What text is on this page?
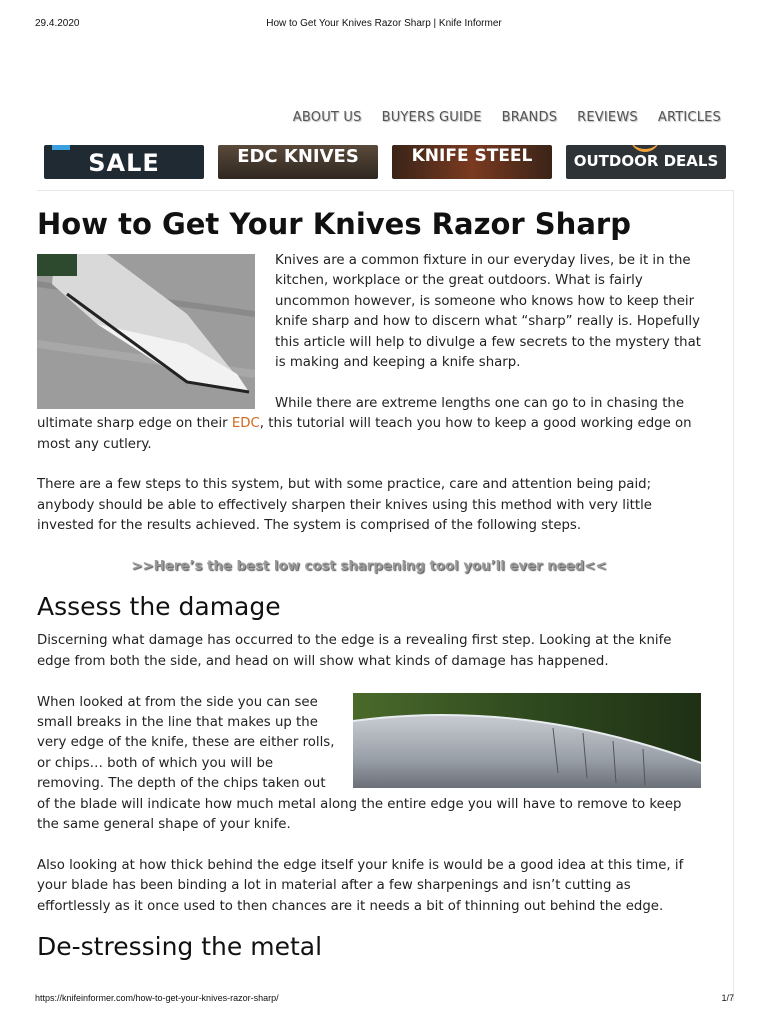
29.4.2020	How to Get Your Knives Razor Sharp | Knife Informer
ABOUT US BUYERS GUIDE BRANDS REVIEWS ARTICLES
SALE	EDC KNIVES	KNIFE STEEL	OUTDOOR DEALS
How to Get Your Knives Razor Sharp

Knives are a common fixture in our everyday lives, be it in the kitchen, workplace or the great outdoors. What is fairly uncommon however, is someone who knows how to keep their knife sharp and how to discern what “sharp” really is. Hopefully this article will help to divulge a few secrets to the mystery that is making and keeping a knife sharp.

While there are extreme lengths one can go to in chasing the ultimate sharp edge on their EDC, this tutorial will teach you how to keep a good working edge on most any cutlery.

There are a few steps to this system, but with some practice, care and attention being paid; anybody should be able to effectively sharpen their knives using this method with very little invested for the results achieved. The system is comprised of the following steps.

>>Here’s the best low cost sharpening tool you’ll ever need<<

Assess the damage

Discerning what damage has occurred to the edge is a revealing first step. Looking at the knife edge from both the side, and head on will show what kinds of damage has happened.

When looked at from the side you can see small breaks in the line that makes up the very edge of the knife, these are either rolls, or chips… both of which you will be removing. The depth of the chips taken out of the blade will indicate how much metal along the entire edge you will have to remove to keep the same general shape of your knife.

Also looking at how thick behind the edge itself your knife is would be a good idea at this time, if your blade has been binding a lot in material after a few sharpenings and isn’t cutting as effortlessly as it once used to then chances are it needs a bit of thinning out behind the edge.

De-stressing the metal
https://knifeinformer.com/how-to-get-your-knives-razor-sharp/	1/7
